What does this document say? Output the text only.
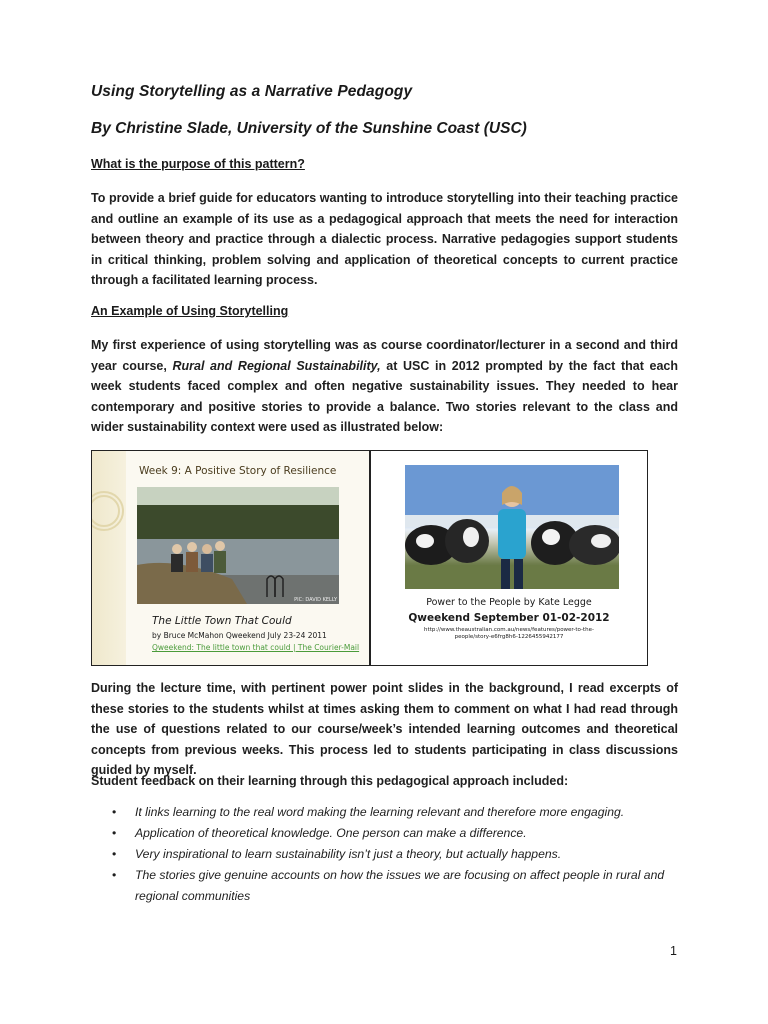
Using Storytelling as a Narrative Pedagogy
By Christine Slade, University of the Sunshine Coast (USC)
What is the purpose of this pattern?
To provide a brief guide for educators wanting to introduce storytelling into their teaching practice and outline an example of its use as a pedagogical approach that meets the need for interaction between theory and practice through a dialectic process. Narrative pedagogies support students in critical thinking, problem solving and application of theoretical concepts to current practice through a facilitated learning process.
An Example of Using Storytelling
My first experience of using storytelling was as course coordinator/lecturer in a second and third year course, Rural and Regional Sustainability, at USC in 2012 prompted by the fact that each week students faced complex and often negative sustainability issues. They needed to hear contemporary and positive stories to provide a balance. Two stories relevant to the class and wider sustainability context were used as illustrated below:
Week 9: A Positive Story of Resilience
PIC: DAVID KELLY
The Little Town That Could
by Bruce McMahon Qweekend July 23-24 2011
Qweekend: The little town that could | The Courier-Mail
Power to the People by Kate Legge
Qweekend September 01-02-2012
http://www.theaustralian.com.au/news/features/power-to-the-
people/story-e6frg8h6-1226455942177
During the lecture time, with pertinent power point slides in the background, I read excerpts of these stories to the students whilst at times asking them to comment on what I had read through the use of questions related to our course/week’s intended learning outcomes and theoretical concepts from previous weeks. This process led to students participating in class discussions guided by myself.
Student feedback on their learning through this pedagogical approach included:
• It links learning to the real word making the learning relevant and therefore more engaging.
• Application of theoretical knowledge. One person can make a difference.
• Very inspirational to learn sustainability isn’t just a theory, but actually happens.
• The stories give genuine accounts on how the issues we are focusing on affect people in rural and regional communities
1
